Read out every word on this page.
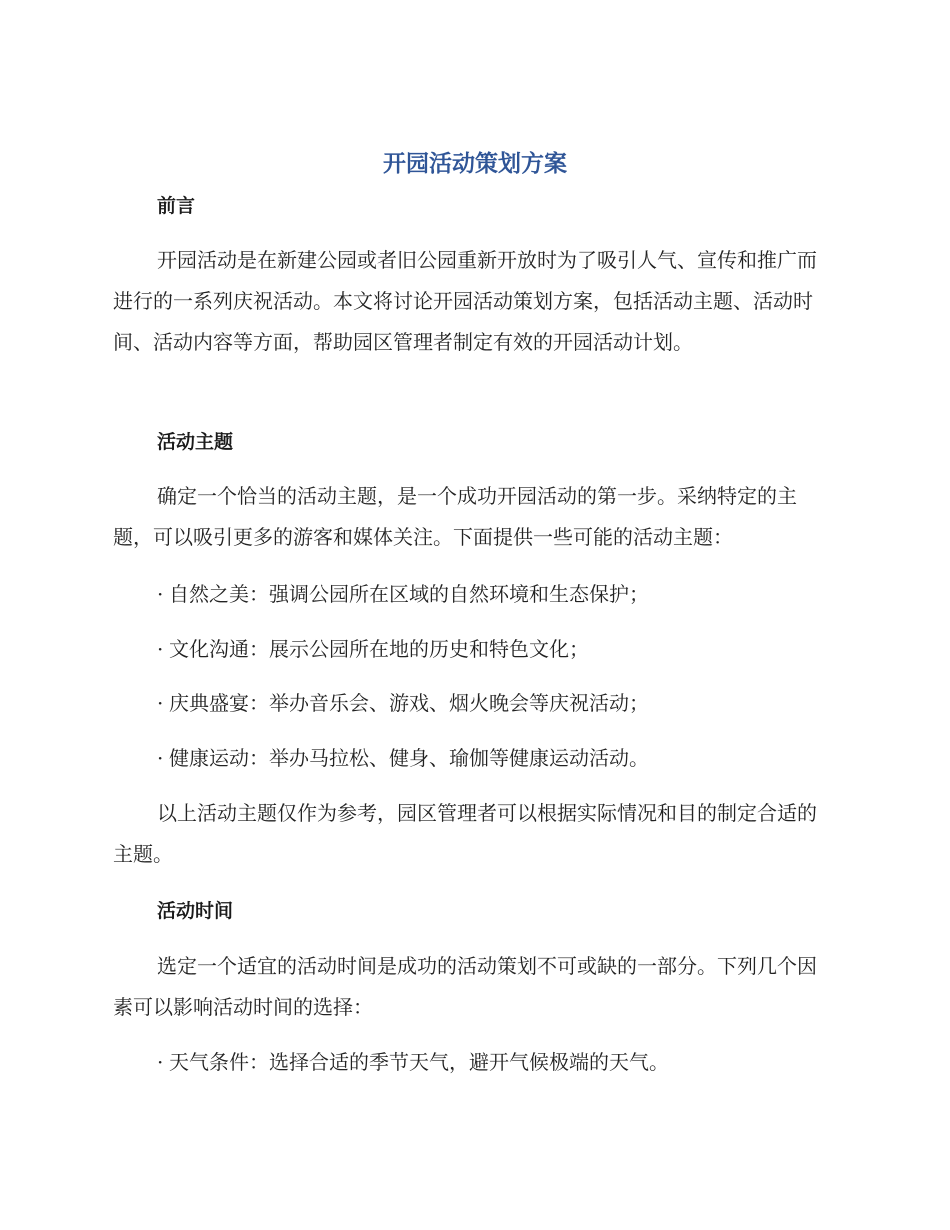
开园活动策划方案
前言

开园活动是在新建公园或者旧公园重新开放时为了吸引人气、宣传和推广而进行的一系列庆祝活动。本文将讨论开园活动策划方案，包括活动主题、活动时间、活动内容等方面，帮助园区管理者制定有效的开园活动计划。

活动主题

确定一个恰当的活动主题，是一个成功开园活动的第一步。采纳特定的主题，可以吸引更多的游客和媒体关注。下面提供一些可能的活动主题：

· 自然之美：强调公园所在区域的自然环境和生态保护；
· 文化沟通：展示公园所在地的历史和特色文化；
· 庆典盛宴：举办音乐会、游戏、烟火晚会等庆祝活动；
· 健康运动：举办马拉松、健身、瑜伽等健康运动活动。

以上活动主题仅作为参考，园区管理者可以根据实际情况和目的制定合适的主题。

活动时间

选定一个适宜的活动时间是成功的活动策划不可或缺的一部分。下列几个因素可以影响活动时间的选择：

· 天气条件：选择合适的季节天气，避开气候极端的天气。
